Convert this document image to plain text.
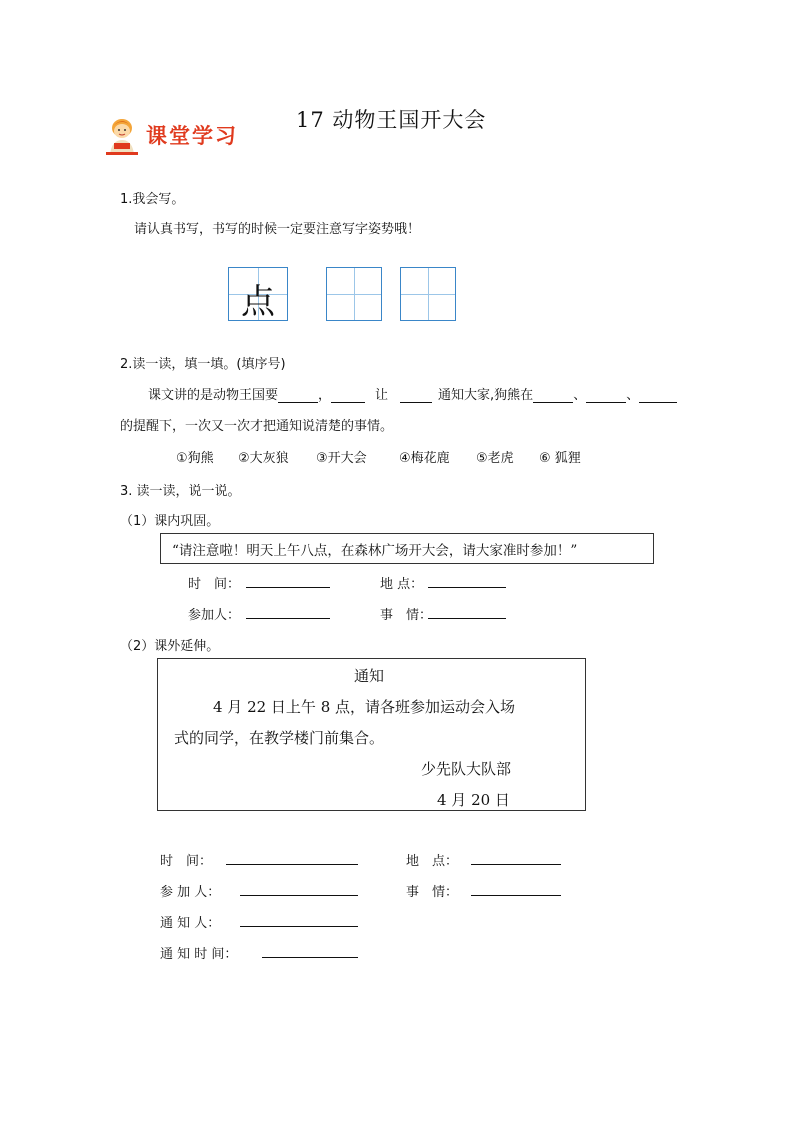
课堂学习
17 动物王国开大会
1.我会写。
请认真书写，书写的时候一定要注意写字姿势哦！
点
2.读一读，填一填。(填序号)
课文讲的是动物王国要	，	让	通知大家,狗熊在	、	、
的提醒下，一次又一次才把通知说清楚的事情。
①狗熊 ②大灰狼 ③开大会 ④梅花鹿 ⑤老虎 ⑥ 狐狸
3. 读一读，说一说。
（1）课内巩固。
“请注意啦！明天上午八点，在森林广场开大会，请大家准时参加！”
时　间：	地 点：
参加人：	事　情：
（2）课外延伸。
通知
4 月 22 日上午 8 点，请各班参加运动会入场
式的同学，在教学楼门前集合。
少先队大队部
4 月 20 日
时　间：	地　点：
参 加 人：	事　情：
通 知 人：
通 知 时 间：
